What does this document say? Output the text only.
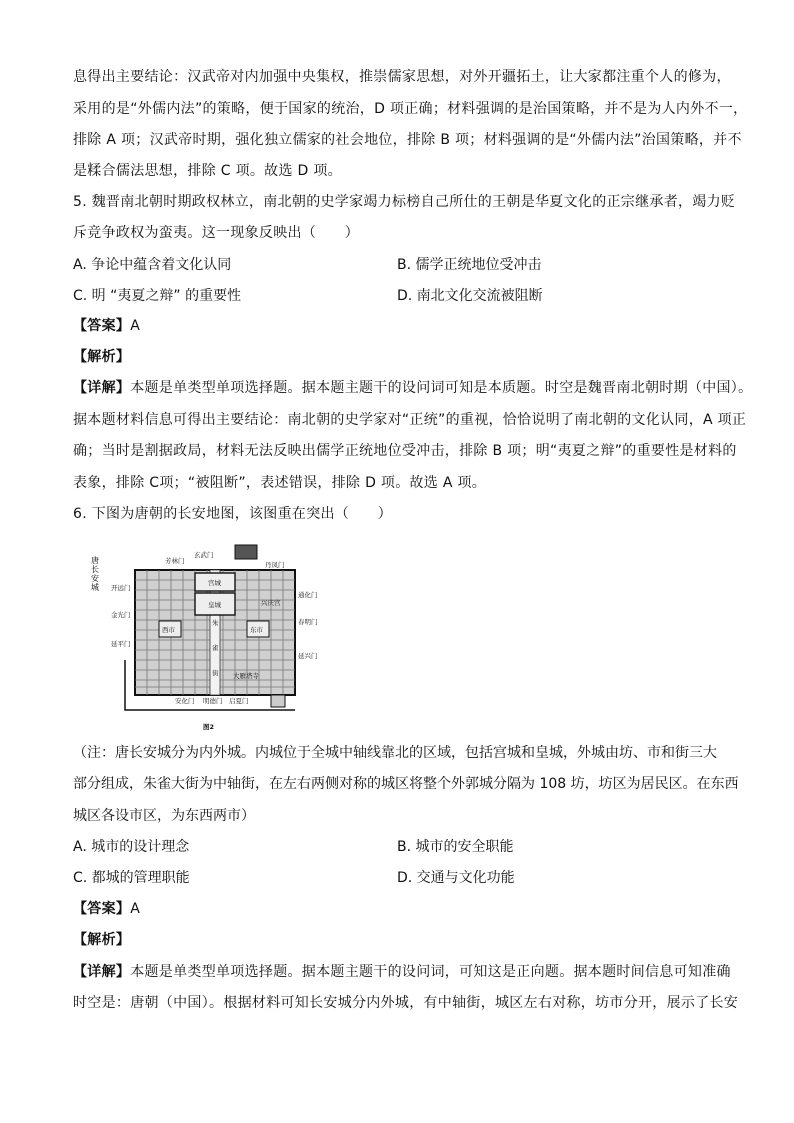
息得出主要结论：汉武帝对内加强中央集权，推崇儒家思想，对外开疆拓土，让大家都注重个人的修为，
采用的是“外儒内法”的策略，便于国家的统治，D 项正确；材料强调的是治国策略，并不是为人内外不一，
排除 A 项；汉武帝时期，强化独立儒家的社会地位，排除 B 项；材料强调的是“外儒内法”治国策略，并不
是糅合儒法思想，排除 C 项。故选 D 项。
5. 魏晋南北朝时期政权林立，南北朝的史学家竭力标榜自己所仕的王朝是华夏文化的正宗继承者，竭力贬
斥竞争政权为蛮夷。这一现象反映出（　　）
A. 争论中蕴含着文化认同	B. 儒学正统地位受冲击
C. 明 “夷夏之辩” 的重要性	D. 南北文化交流被阻断
【答案】A
【解析】
【详解】本题是单类型单项选择题。据本题主题干的设问词可知是本质题。时空是魏晋南北朝时期（中国）。
据本题材料信息可得出主要结论：南北朝的史学家对“正统”的重视，恰恰说明了南北朝的文化认同，A 项正
确；当时是割据政局，材料无法反映出儒学正统地位受冲击，排除 B 项；明“夷夏之辩”的重要性是材料的
表象，排除 C项；“被阻断”，表述错误，排除 D 项。故选 A 项。
6. 下图为唐朝的长安地图，该图重在突出（　　）
唐 长 安 城
芳林门
玄武门
丹凤门
开远门
金光门
延平门
通化门
春明门
延兴门
安化门 明德门 启夏门
宫城
皇城
西市	东市
兴庆宫
朱
雀
街 大雁塔寺
图2
（注：唐长安城分为内外城。内城位于全城中轴线靠北的区域，包括宫城和皇城，外城由坊、市和街三大
部分组成，朱雀大街为中轴街，在左右两侧对称的城区将整个外郭城分隔为 108 坊，坊区为居民区。在东西
城区各设市区，为东西两市）
A. 城市的设计理念	B. 城市的安全职能
C. 都城的管理职能	D. 交通与文化功能
【答案】A
【解析】
【详解】本题是单类型单项选择题。据本题主题干的设问词，可知这是正向题。据本题时间信息可知准确
时空是：唐朝（中国）。根据材料可知长安城分内外城，有中轴街，城区左右对称，坊市分开，展示了长安
